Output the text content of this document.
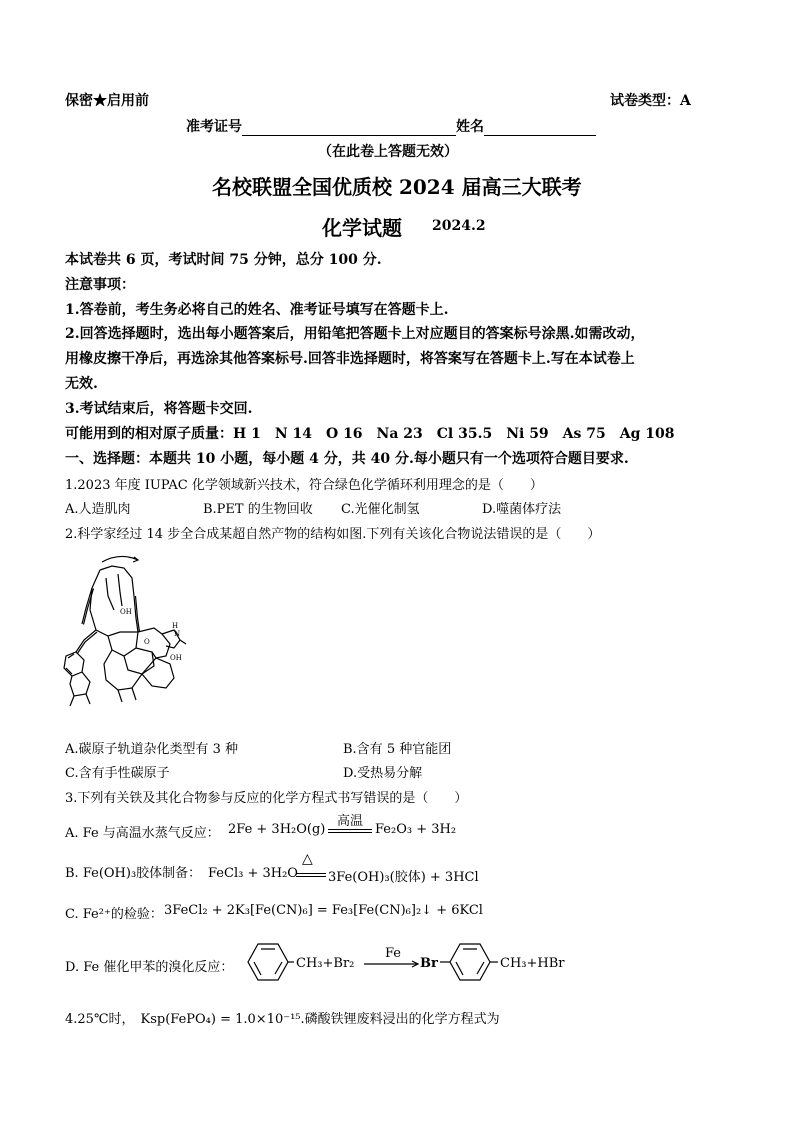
保密★启用前	试卷类型：A
准考证号	姓名
（在此卷上答题无效）
名校联盟全国优质校 2024 届高三大联考
化学试题 2024.2
本试卷共 6 页，考试时间 75 分钟，总分 100 分.
注意事项：
1.答卷前，考生务必将自己的姓名、准考证号填写在答题卡上.
2.回答选择题时，选出每小题答案后，用铅笔把答题卡上对应题目的答案标号涂黑.如需改动，
用橡皮擦干净后，再选涂其他答案标号.回答非选择题时，将答案写在答题卡上.写在本试卷上
无效.
3.考试结束后，将答题卡交回.
可能用到的相对原子质量：H 1　N 14　O 16　Na 23　Cl 35.5　Ni 59　As 75　Ag 108
一、选择题：本题共 10 小题，每小题 4 分，共 40 分.每小题只有一个选项符合题目要求.
1.2023 年度 IUPAC 化学领域新兴技术，符合绿色化学循环利用理念的是（　　）
A.人造肌肉	B.PET 的生物回收 C.光催化制氢	D.噬菌体疗法
2.科学家经过 14 步全合成某超自然产物的结构如图.下列有关该化合物说法错误的是（　　）
OH
OH
H
N
O
A.碳原子轨道杂化类型有 3 种	B.含有 5 种官能团
C.含有手性碳原子	D.受热易分解
3.下列有关铁及其化合物参与反应的化学方程式书写错误的是（　　）
A. Fe 与高温水蒸气反应： 2Fe + 3H₂O(g)
高温
Fe₂O₃ + 3H₂
B. Fe(OH)₃胶体制备： FeCl₃ + 3H₂O
△
3Fe(OH)₃(胶体) + 3HCl
C. Fe²⁺的检验： 3FeCl₂ + 2K₃[Fe(CN)₆] = Fe₃[Fe(CN)₆]₂↓ + 6KCl
D. Fe 催化甲苯的溴化反应：	CH₃+Br₂
Fe
→ Br	CH₃+HBr
4.25℃时， Ksp(FePO₄) = 1.0×10⁻¹⁵.磷酸铁锂废料浸出的化学方程式为
